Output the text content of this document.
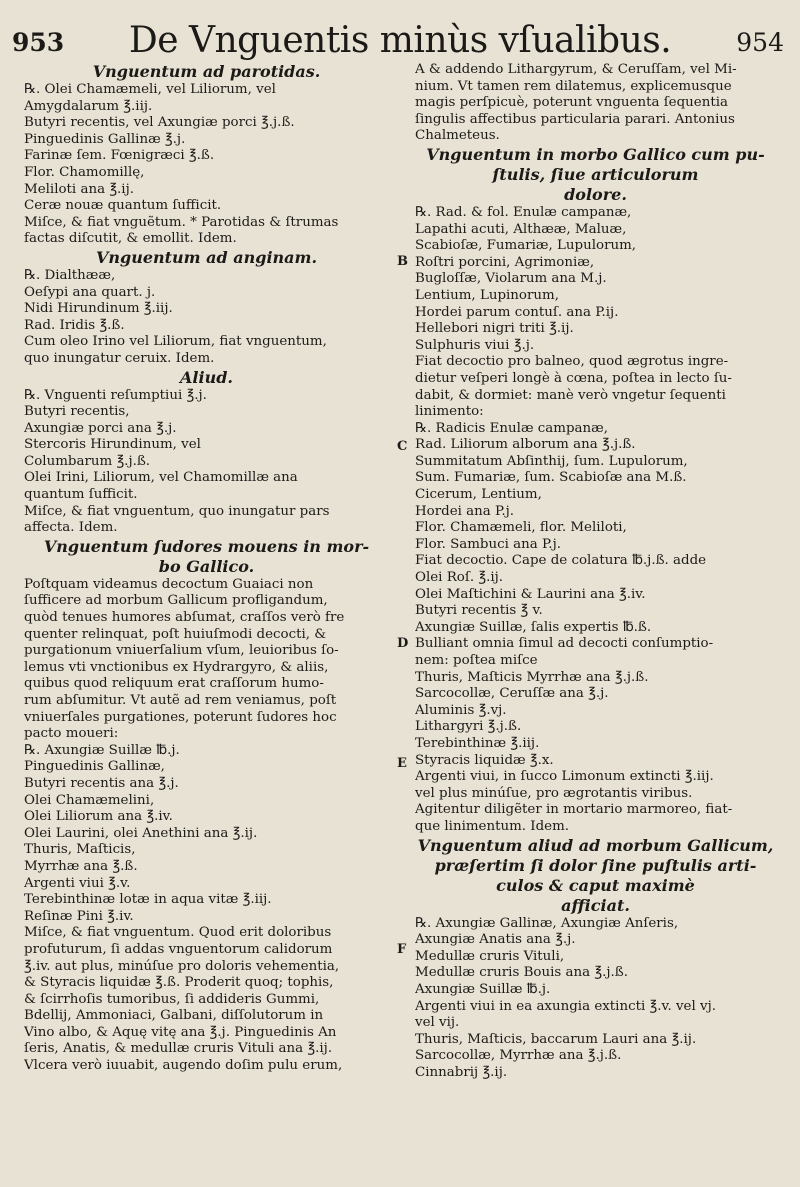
953	De Vnguentis minùs vſualibus.	954
Vnguentum ad parotidas.
℞. Olei Chamæmeli, vel Liliorum, vel
Amygdalarum ℥.iij.
Butyri recentis, vel Axungiæ porci ℥.j.ß.
Pinguedinis Gallinæ ℥.j.
Farinæ ſem. Fœnigræci ℥.ß.
Flor. Chamomillę,
Meliloti ana ℥.ij.
Ceræ nouæ quantum ſufficit.
Miſce, & fiat vnguẽtum. * Parotidas & ſtrumas
factas diſcutit, & emollit. Idem.
Vnguentum ad anginam.
℞. Dialthææ,
Oeſypi ana quart. j.
Nidi Hirundinum ℥.iij.
Rad. Iridis ℥.ß.
Cum oleo Irino vel Liliorum, fiat vnguentum,
quo inungatur ceruix. Idem.
Aliud.
℞. Vnguenti reſumptiui ℥.j.
Butyri recentis,
Axungiæ porci ana ℥.j.
Stercoris Hirundinum, vel
Columbarum ℥.j.ß.
Olei Irini, Liliorum, vel Chamomillæ ana
quantum ſufficit.
Miſce, & fiat vnguentum, quo inungatur pars
affecta. Idem.
Vnguentum ſudores mouens in mor-
bo Gallico.
Poſtquam videamus decoctum Guaiaci non
ſufficere ad morbum Gallicum profligandum,
quòd tenues humores abſumat, craſſos verò fre
quenter relinquat, poſt huiuſmodi decocti, &
purgationum vniuerſalium vſum, leuioribus ſo-
lemus vti vnctionibus ex Hydrargyro, & aliis,
quibus quod reliquum erat craſſorum humo-
rum abſumitur. Vt autẽ ad rem veniamus, poſt
vniuerſales purgationes, poterunt ſudores hoc
pacto moueri:
℞. Axungiæ Suillæ ℔.j.
Pinguedinis Gallinæ,
Butyri recentis ana ℥.j.
Olei Chamæmelini,
Olei Liliorum ana ℥.iv.
Olei Laurini, olei Anethini ana ℥.ij.
Thuris, Maſticis,
Myrrhæ ana ℥.ß.
Argenti viui ℥.v.
Terebinthinæ lotæ in aqua vitæ ℥.iij.
Reſinæ Pini ℥.iv.
Miſce, & fiat vnguentum. Quod erit doloribus
profuturum, ſi addas vnguentorum calidorum
℥.iv. aut plus, minúſue pro doloris vehementia,
& Styracis liquidæ ℥.ß. Proderit quoq; tophis,
& ſcirrhoſis tumoribus, ſi addideris Gummi,
Bdellij, Ammoniaci, Galbani, diſſolutorum in
Vino albo, & Aquę vitę ana ℥.j. Pinguedinis An
ſeris, Anatis, & medullæ cruris Vituli ana ℥.ij.
Vlcera verò iuuabit, augendo doſim pulu erum,
B
C
D
E
F
A & addendo Lithargyrum, & Ceruſſam, vel Mi-
nium. Vt tamen rem dilatemus, explicemusque
magis perſpicuè, poterunt vnguenta ſequentia
ſingulis affectibus particularia parari. Antonius
Chalmeteus.
Vnguentum in morbo Gallico cum pu-
ſtulis, ſiue articulorum
dolore.
℞. Rad. & fol. Enulæ campanæ,
Lapathi acuti, Althææ, Maluæ,
Scabioſæ, Fumariæ, Lupulorum,
Roſtri porcini, Agrimoniæ,
Bugloſſæ, Violarum ana M.j.
Lentium, Lupinorum,
Hordei parum contuſ. ana P.ij.
Hellebori nigri triti ℥.ij.
Sulphuris viui ℥.j.
Fiat decoctio pro balneo, quod ægrotus ingre-
dietur veſperi longè à cœna, poſtea in lecto ſu-
dabit, & dormiet: manè verò vngetur ſequenti
linimento:
℞. Radicis Enulæ campanæ,
Rad. Liliorum alborum ana ℥.j.ß.
Summitatum Abſinthij, ſum. Lupulorum,
Sum. Fumariæ, ſum. Scabioſæ ana M.ß.
Cicerum, Lentium,
Hordei ana P.j.
Flor. Chamæmeli, flor. Meliloti,
Flor. Sambuci ana P.j.
Fiat decoctio. Cape de colatura ℔.j.ß. adde
Olei Roſ. ℥.ij.
Olei Maſtichini & Laurini ana ℥.iv.
Butyri recentis ℥ v.
Axungiæ Suillæ, ſalis expertis ℔.ß.
Bulliant omnia ſimul ad decocti conſumptio-
nem: poſtea miſce
Thuris, Maſticis Myrrhæ ana ℥.j.ß.
Sarcocollæ, Ceruſſæ ana ℥.j.
Aluminis ℥.vj.
Lithargyri ℥.j.ß.
Terebinthinæ ℥.iij.
Styracis liquidæ ℥.x.
Argenti viui, in ſucco Limonum extincti ℥.iij.
vel plus minúſue, pro ægrotantis viribus.
Agitentur diligẽter in mortario marmoreo, fiat-
que linimentum. Idem.
Vnguentum aliud ad morbum Gallicum,
præſertim ſi dolor ſine puſtulis arti-
culos & caput maximè
afficiat.
℞. Axungiæ Gallinæ, Axungiæ Anſeris,
Axungiæ Anatis ana ℥.j.
Medullæ cruris Vituli,
Medullæ cruris Bouis ana ℥.j.ß.
Axungiæ Suillæ ℔.j.
Argenti viui in ea axungia extincti ℥.v. vel vj.
vel vij.
Thuris, Maſticis, baccarum Lauri ana ℥.ij.
Sarcocollæ, Myrrhæ ana ℥.j.ß.
Cinnabrij ℥.ij.
